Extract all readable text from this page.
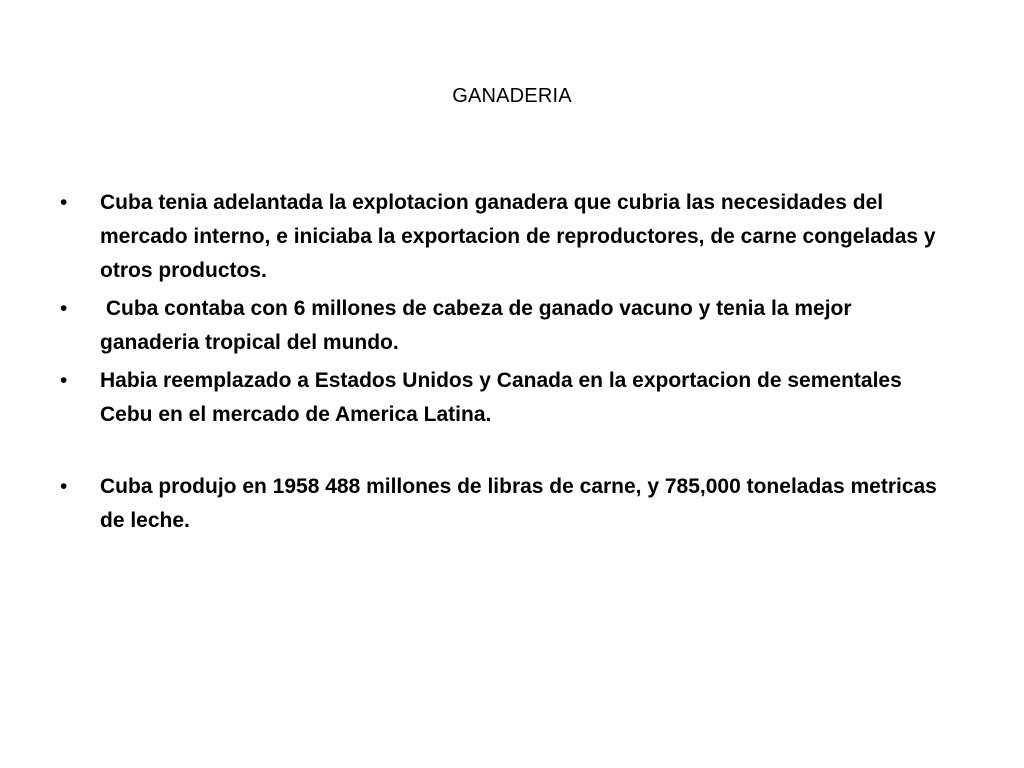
GANADERIA
•	Cuba tenia adelantada la explotacion ganadera que cubria las necesidades del mercado interno, e iniciaba la exportacion de reproductores, de carne congeladas y otros productos.
•	Cuba contaba con 6 millones de cabeza de ganado vacuno y tenia la mejor ganaderia tropical del mundo.
•	Habia reemplazado a Estados Unidos y Canada en la exportacion de sementales Cebu en el mercado de America Latina.
•	Cuba produjo en 1958 488 millones de libras de carne, y 785,000 toneladas metricas de leche.
